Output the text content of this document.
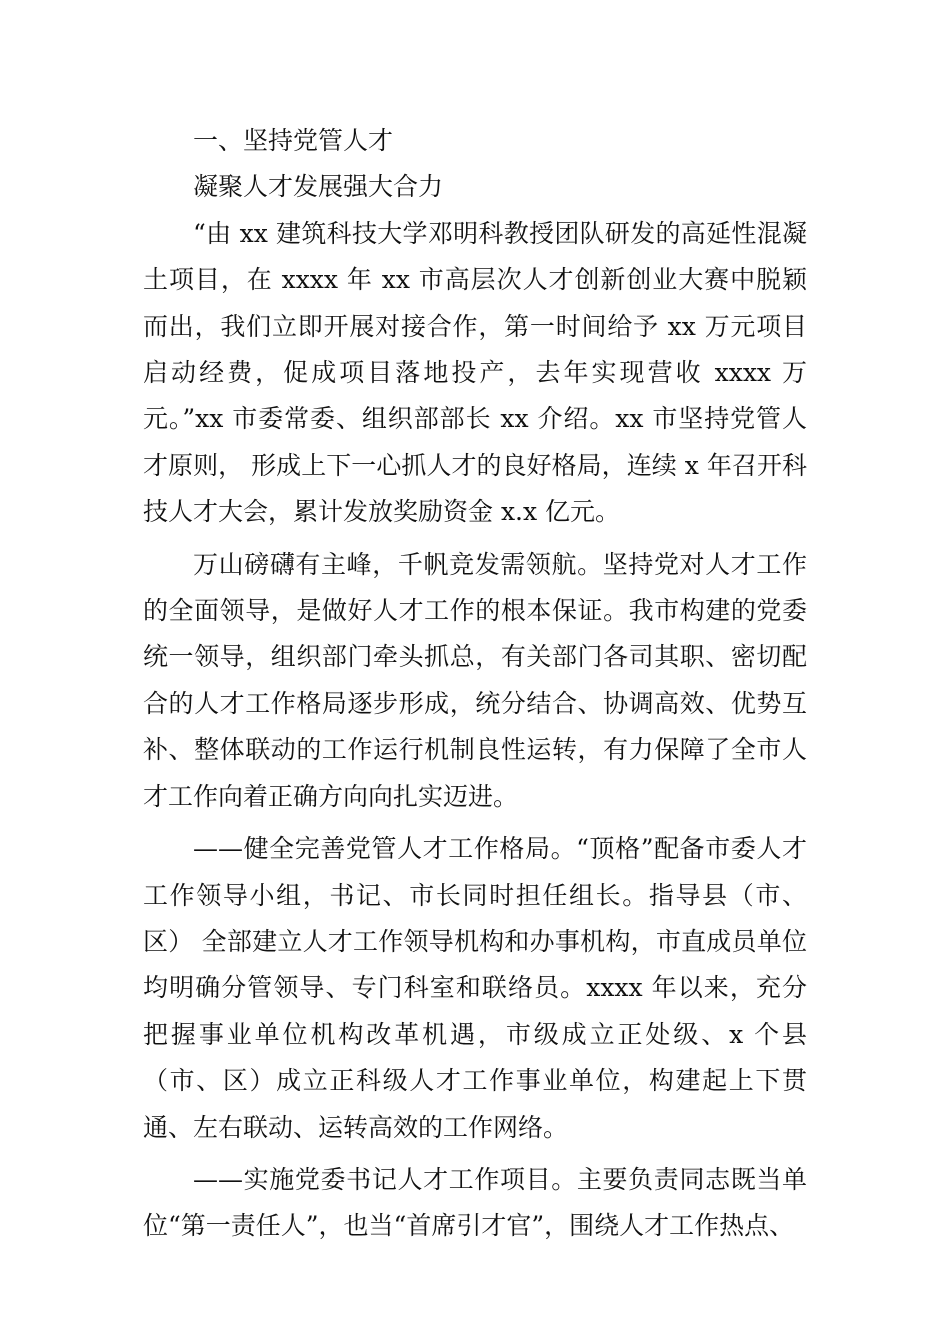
一、坚持党管人才

凝聚人才发展强大合力

“由 xx 建筑科技大学邓明科教授团队研发的高延性混凝土项目，在 xxxx 年 xx 市高层次人才创新创业大赛中脱颖而出，我们立即开展对接合作，第一时间给予 xx 万元项目启动经费，促成项目落地投产，去年实现营收 xxxx 万元。”xx 市委常委、组织部部长 xx 介绍。xx 市坚持党管人才原则， 形成上下一心抓人才的良好格局，连续 x 年召开科技人才大会，累计发放奖励资金 x.x 亿元。

万山磅礴有主峰，千帆竞发需领航。坚持党对人才工作的全面领导，是做好人才工作的根本保证。我市构建的党委统一领导，组织部门牵头抓总，有关部门各司其职、密切配合的人才工作格局逐步形成，统分结合、协调高效、优势互补、整体联动的工作运行机制良性运转，有力保障了全市人才工作向着正确方向向扎实迈进。

——健全完善党管人才工作格局。“顶格”配备市委人才工作领导小组，书记、市长同时担任组长。指导县（市、区） 全部建立人才工作领导机构和办事机构，市直成员单位均明确分管领导、专门科室和联络员。xxxx 年以来，充分把握事业单位机构改革机遇，市级成立正处级、x 个县（市、区）成立正科级人才工作事业单位，构建起上下贯通、左右联动、运转高效的工作网络。

——实施党委书记人才工作项目。主要负责同志既当单位“第一责任人”，也当“首席引才官”，围绕人才工作热点、
